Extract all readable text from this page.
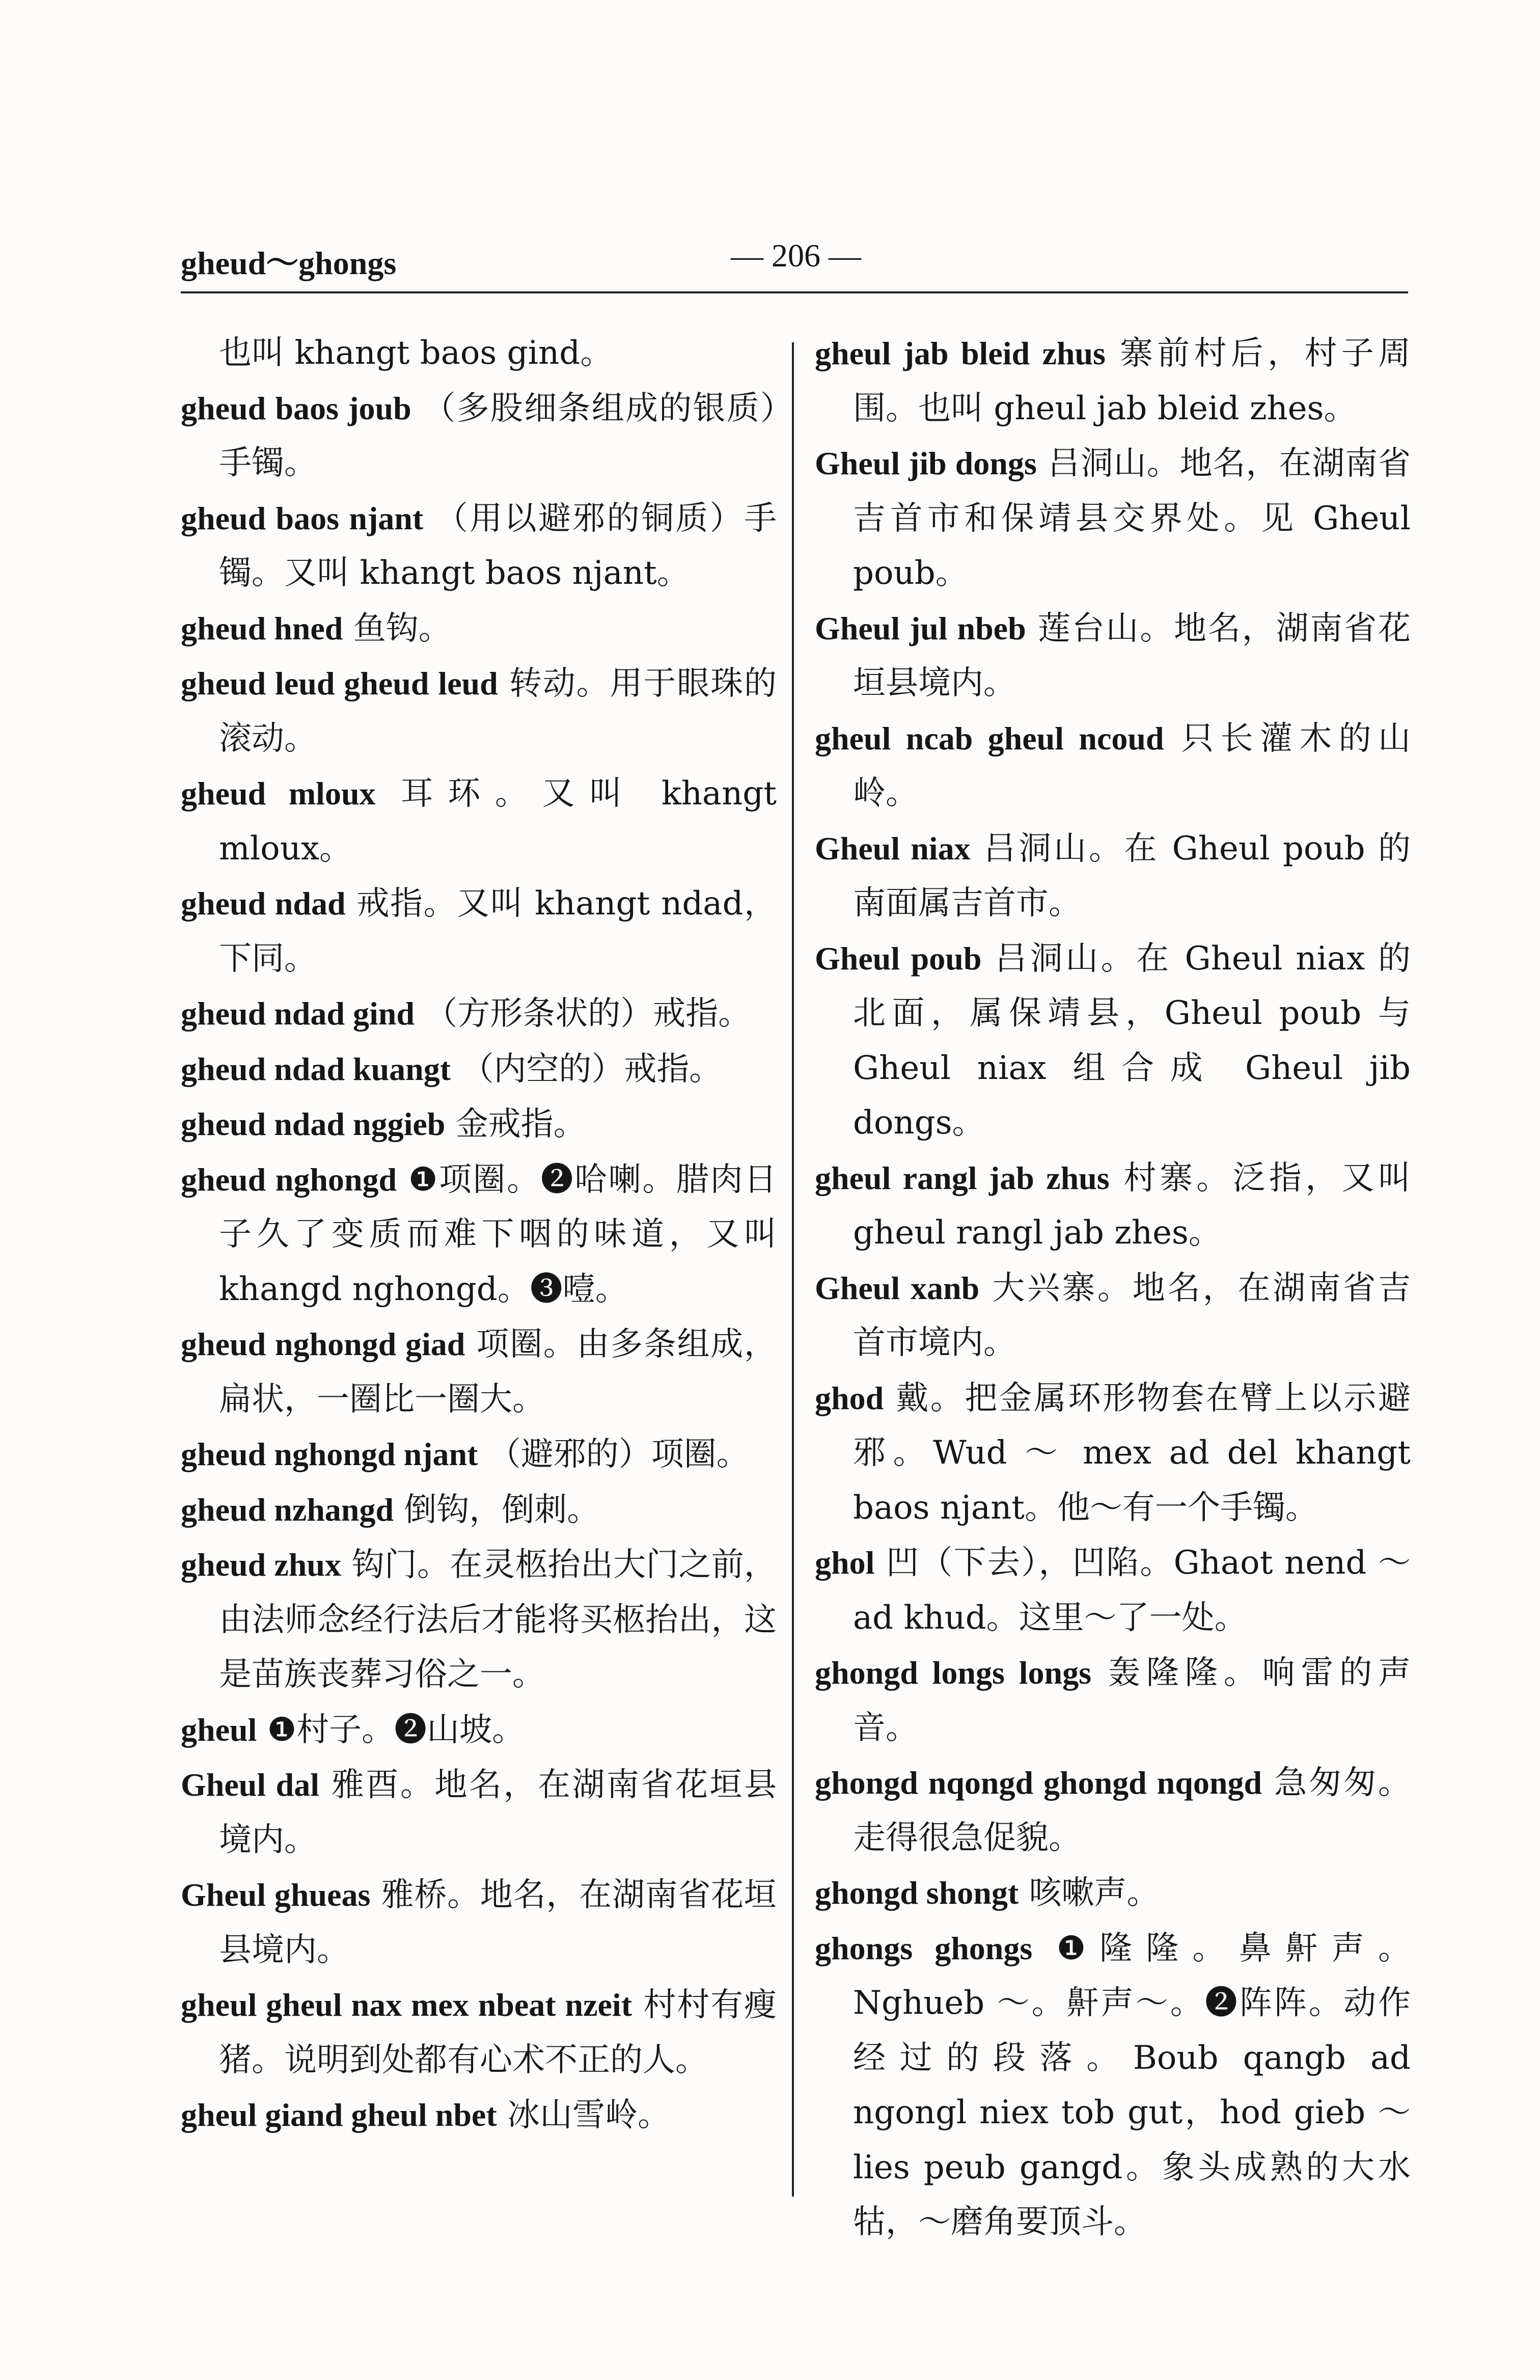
gheud～ghongs	— 206 —

也叫 khangt baos gind。

gheud baos joub （多股细条组成的银质）手镯。

gheud baos njant （用以避邪的铜质）手镯。又叫 khangt baos njant。

gheud hned 鱼钩。

gheud leud gheud leud 转动。用于眼珠的滚动。

gheud mloux 耳环。又叫 khangt mloux。

gheud ndad 戒指。又叫 khangt ndad，下同。

gheud ndad gind （方形条状的）戒指。

gheud ndad kuangt （内空的）戒指。

gheud ndad nggieb 金戒指。

gheud nghongd ❶项圈。❷哈喇。腊肉日子久了变质而难下咽的味道，又叫 khangd nghongd。❸噎。

gheud nghongd giad 项圈。由多条组成，扁状，一圈比一圈大。

gheud nghongd njant （避邪的）项圈。

gheud nzhangd 倒钩，倒刺。

gheud zhux 钩门。在灵柩抬出大门之前，由法师念经行法后才能将买柩抬出，这是苗族丧葬习俗之一。

gheul ❶村子。❷山坡。

Gheul dal 雅酉。地名，在湖南省花垣县境内。

Gheul ghueas 雅桥。地名，在湖南省花垣县境内。

gheul gheul nax mex nbeat nzeit 村村有瘦猪。说明到处都有心术不正的人。

gheul giand gheul nbet 冰山雪岭。

gheul jab bleid zhus 寨前村后，村子周围。也叫 gheul jab bleid zhes。

Gheul jib dongs 吕洞山。地名，在湖南省吉首市和保靖县交界处。见 Gheul poub。

Gheul jul nbeb 莲台山。地名，湖南省花垣县境内。

gheul ncab gheul ncoud 只长灌木的山岭。

Gheul niax 吕洞山。在 Gheul poub 的南面属吉首市。

Gheul poub 吕洞山。在 Gheul niax 的北面，属保靖县，Gheul poub 与 Gheul niax 组合成 Gheul jib dongs。

gheul rangl jab zhus 村寨。泛指，又叫 gheul rangl jab zhes。

Gheul xanb 大兴寨。地名，在湖南省吉首市境内。

ghod 戴。把金属环形物套在臂上以示避邪。Wud ～ mex ad del khangt baos njant。他～有一个手镯。

ghol 凹（下去），凹陷。Ghaot nend ～ ad khud。这里～了一处。

ghongd longs longs 轰隆隆。响雷的声音。

ghongd nqongd ghongd nqongd 急匆匆。走得很急促貌。

ghongd shongt 咳嗽声。

ghongs ghongs ❶隆隆。鼻鼾声。Nghueb ～。鼾声～。❷阵阵。动作经过的段落。Boub qangb ad ngongl niex tob gut，hod gieb ～ lies peub gangd。象头成熟的大水牯，～磨角要顶斗。
